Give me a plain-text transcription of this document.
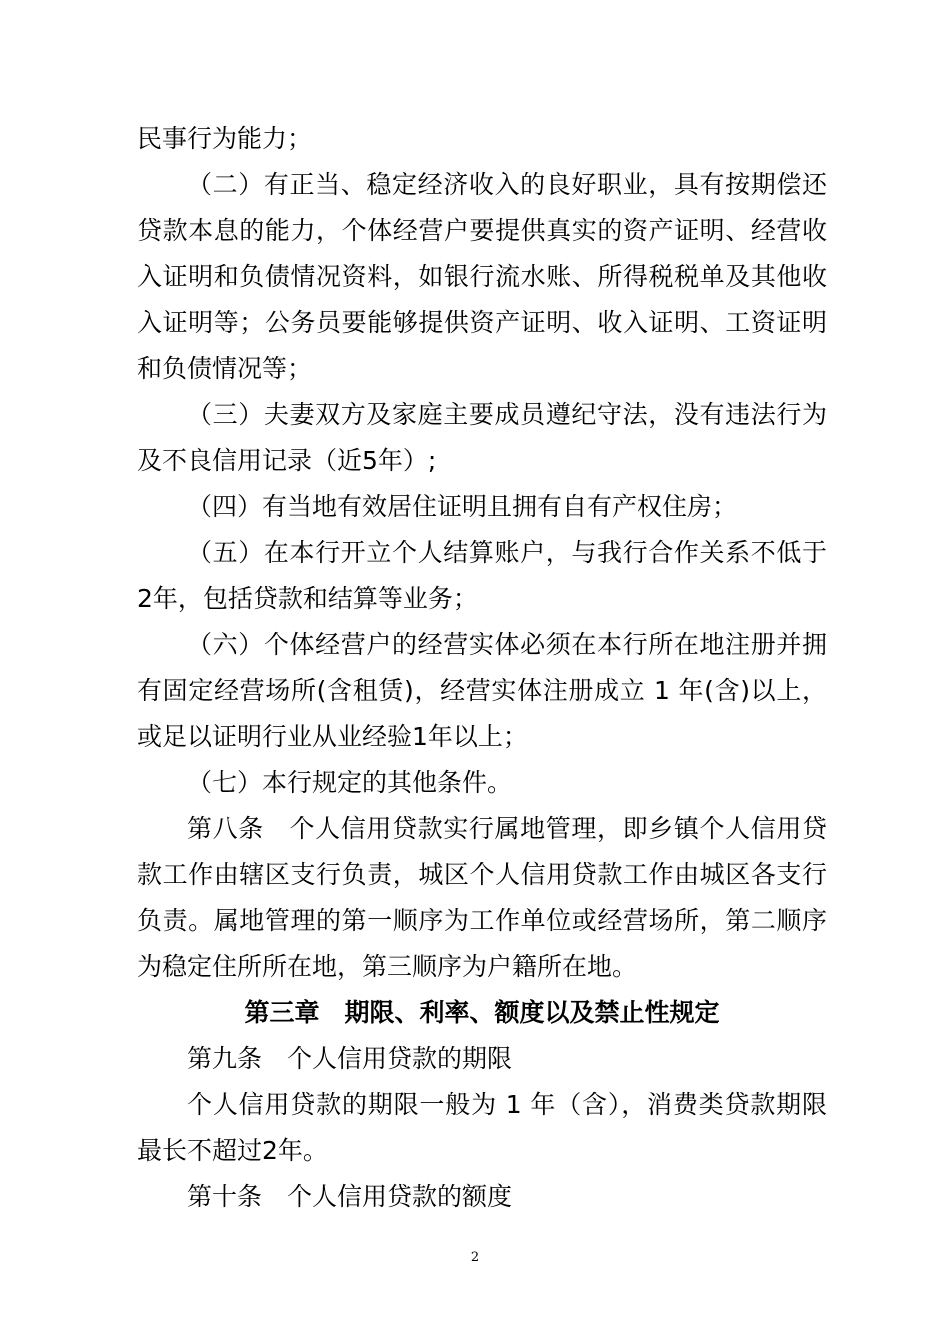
民事行为能力；

（二）有正当、稳定经济收入的良好职业，具有按期偿还贷款本息的能力，个体经营户要提供真实的资产证明、经营收入证明和负债情况资料，如银行流水账、所得税税单及其他收入证明等；公务员要能够提供资产证明、收入证明、工资证明和负债情况等；

（三）夫妻双方及家庭主要成员遵纪守法，没有违法行为及不良信用记录（近5年）;

（四）有当地有效居住证明且拥有自有产权住房；

（五）在本行开立个人结算账户，与我行合作关系不低于2年，包括贷款和结算等业务；

（六）个体经营户的经营实体必须在本行所在地注册并拥有固定经营场所(含租赁)，经营实体注册成立 1 年(含)以上，或足以证明行业从业经验1年以上；

（七）本行规定的其他条件。

第八条　个人信用贷款实行属地管理，即乡镇个人信用贷款工作由辖区支行负责，城区个人信用贷款工作由城区各支行负责。属地管理的第一顺序为工作单位或经营场所，第二顺序为稳定住所所在地，第三顺序为户籍所在地。

第三章　期限、利率、额度以及禁止性规定

第九条　个人信用贷款的期限

个人信用贷款的期限一般为 1 年（含），消费类贷款期限最长不超过2年。

第十条　个人信用贷款的额度

2
